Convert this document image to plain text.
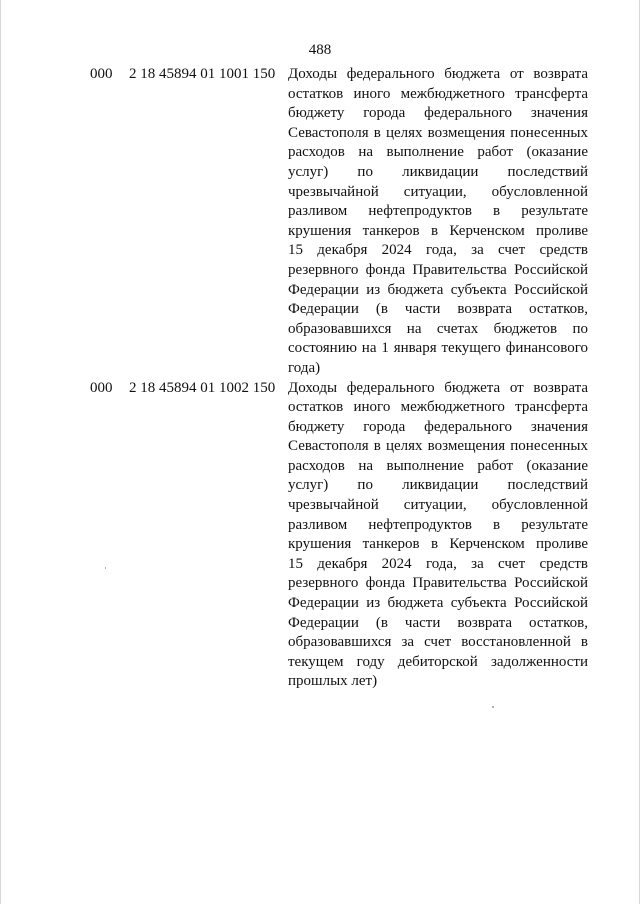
488
000 2 18 45894 01 1001 150 Доходы федерального бюджета от возврата
остатков иного межбюджетного трансферта
бюджету города федерального значения
Севастополя в целях возмещения понесенных
расходов на выполнение работ (оказание
услуг) по ликвидации последствий
чрезвычайной ситуации, обусловленной
разливом нефтепродуктов в результате
крушения танкеров в Керченском проливе
15 декабря 2024 года, за счет средств
резервного фонда Правительства Российской
Федерации из бюджета субъекта Российской
Федерации (в части возврата остатков,
образовавшихся на счетах бюджетов по
состоянию на 1 января текущего финансового
года)
000 2 18 45894 01 1002 150 Доходы федерального бюджета от возврата
остатков иного межбюджетного трансферта
бюджету города федерального значения
Севастополя в целях возмещения понесенных
расходов на выполнение работ (оказание
услуг) по ликвидации последствий
чрезвычайной ситуации, обусловленной
разливом нефтепродуктов в результате
крушения танкеров в Керченском проливе
15 декабря 2024 года, за счет средств
резервного фонда Правительства Российской
Федерации из бюджета субъекта Российской
Федерации (в части возврата остатков,
образовавшихся за счет восстановленной в
текущем году дебиторской задолженности
прошлых лет)
